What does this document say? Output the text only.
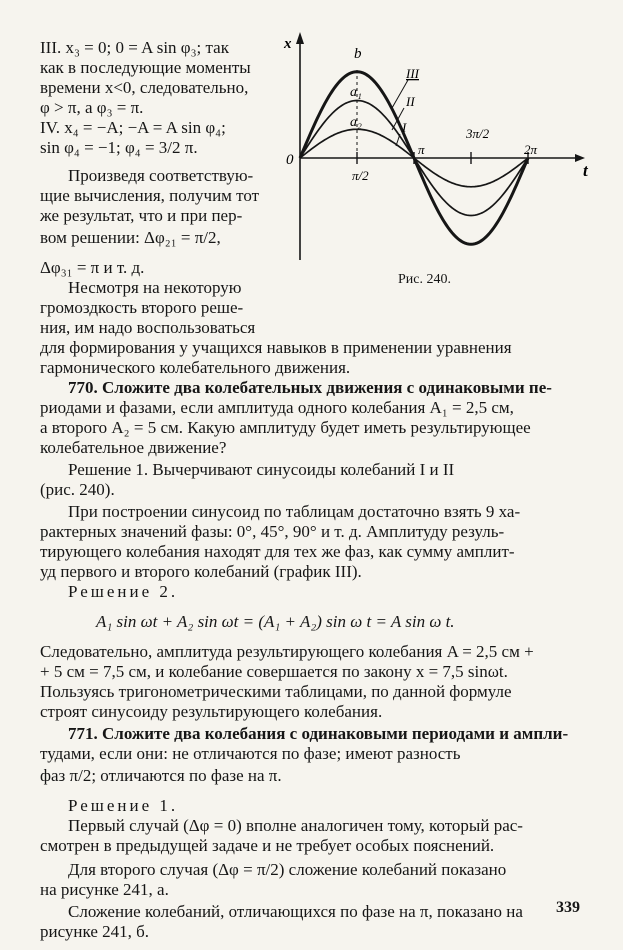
III. x₃ = 0; 0 = A sin φ₃; так
как в последующие моменты
времени x<0, следовательно,
φ > π, а φ₃ = π.
IV. x₄ = −A; −A = A sin φ₄;
sin φ₄ = −1; φ₄ = 3/2 π.
Произведя соответствую-
щие вычисления, получим тот
же результат, что и при пер-
вом решении: Δφ₂₁ = π/2,
Δφ₃₁ = π и т. д.
Несмотря на некоторую
громоздкость второго реше-
ния, им надо воспользоваться
x
t
0
π/2
π
3π/2
2π
b
a₁
a₂
III
II
I
Рис. 240.
для формирования у учащихся навыков в применении уравнения
гармонического колебательного движения.
770. Сложите два колебательных движения с одинаковыми пе-
риодами и фазами, если амплитуда одного колебания A₁ = 2,5 см,
а второго A₂ = 5 см. Какую амплитуду будет иметь результирующее
колебательное движение?
Решение 1. Вычерчивают синусоиды колебаний I и II
(рис. 240).
При построении синусоид по таблицам достаточно взять 9 ха-
рактерных значений фазы: 0°, 45°, 90° и т. д. Амплитуду резуль-
тирующего колебания находят для тех же фаз, как сумму амплит-
уд первого и второго колебаний (график III).
Решение 2.
A₁ sin ωt + A₂ sin ωt = (A₁ + A₂) sin ω t = A sin ω t.
Следовательно, амплитуда результирующего колебания A = 2,5 см +
+ 5 см = 7,5 см, и колебание совершается по закону x = 7,5 sinωt.
Пользуясь тригонометрическими таблицами, по данной формуле
строят синусоиду результирующего колебания.
771. Сложите два колебания с одинаковыми периодами и ампли-
тудами, если они: не отличаются по фазе; имеют разность
фаз π/2; отличаются по фазе на π.
Решение 1.
Первый случай (Δφ = 0) вполне аналогичен тому, который рас-
смотрен в предыдущей задаче и не требует особых пояснений.
Для второго случая (Δφ = π/2) сложение колебаний показано
на рисунке 241, а.
Сложение колебаний, отличающихся по фазе на π, показано на
рисунке 241, б.
339
